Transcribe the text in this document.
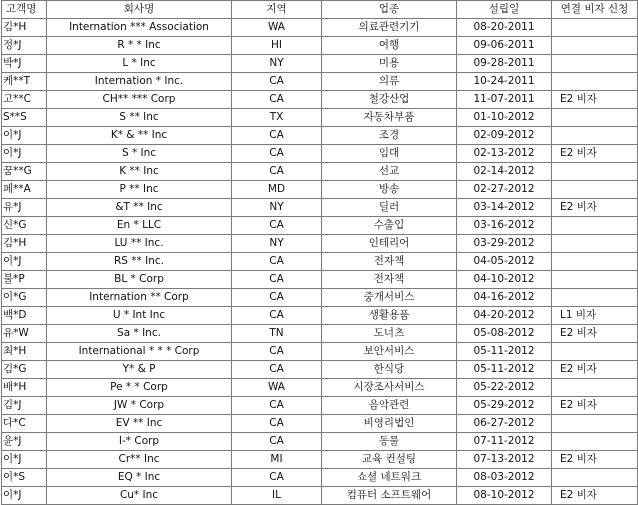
고객명	회사명	지역	업종	설립일	연결 비자 신청
김*H	Internation *** Association	WA	의료관련기기	08-20-2011	
정*J	R * * Inc	HI	여행	09-06-2011	
박*J	L * Inc	NY	미용	09-28-2011	
케**T	Internation * Inc.	CA	의류	10-24-2011	
고**C	CH** *** Corp	CA	철강산업	11-07-2011	E2 비자
S**S	S ** Inc	TX	자동차부품	01-10-2012	
이*J	K* & ** Inc	CA	조경	02-09-2012	
이*J	S * Inc	CA	임대	02-13-2012	E2 비자
꿈**G	K ** Inc	CA	선교	02-14-2012	
페**A	P ** Inc	MD	방송	02-27-2012	
유*J	&T ** Inc	NY	딜러	03-14-2012	E2 비자
신*G	En * LLC	CA	수출입	03-16-2012	
김*H	LU ** Inc.	NY	인테리어	03-29-2012	
이*J	RS ** Inc.	CA	전자책	04-05-2012	
불*P	BL * Corp	CA	전자책	04-10-2012	
이*G	Internation ** Corp	CA	중개서비스	04-16-2012	
백*D	U * Int Inc	CA	생활용품	04-20-2012	L1 비자
유*W	Sa * Inc.	TN	도너츠	05-08-2012	E2 비자
최*H	International * * * Corp	CA	보안서비스	05-11-2012	
김*G	Y* & P	CA	한식당	05-11-2012	E2 비자
배*H	Pe * * Corp	WA	시장조사서비스	05-22-2012	
김*J	JW * Corp	CA	음악관련	05-29-2012	E2 비자
다*C	EV ** Inc	CA	비영리법인	06-27-2012	
윤*J	I-* Corp	CA	동물	07-11-2012	
이*J	Cr** Inc	MI	교육 컨설팅	07-13-2012	E2 비자
이*S	EQ * Inc	CA	쇼셜 네트워크	08-03-2012	
이*J	Cu* Inc	IL	컴퓨터 소프트웨어	08-10-2012	E2 비자
